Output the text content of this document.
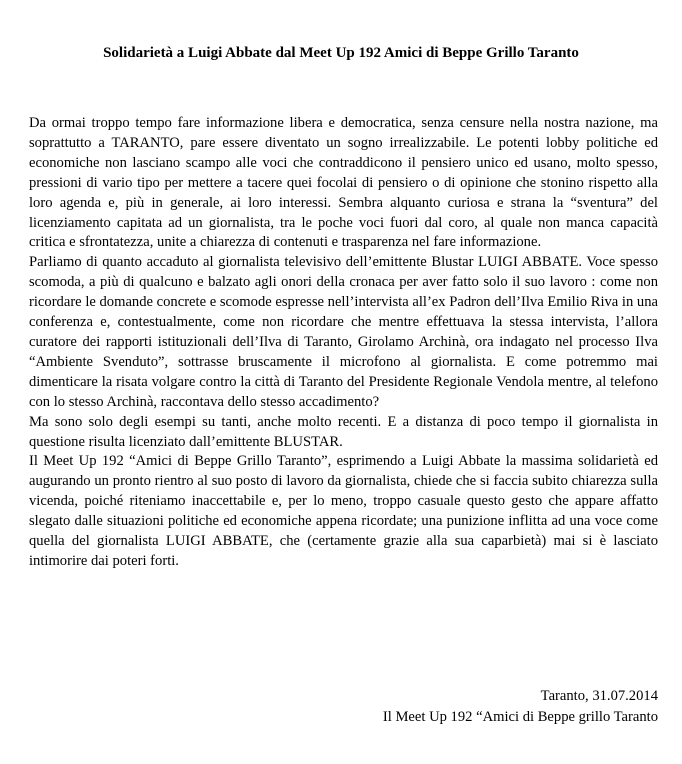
Solidarietà a Luigi Abbate dal Meet Up 192 Amici di Beppe Grillo Taranto

Da ormai troppo tempo fare informazione libera e democratica, senza censure nella nostra nazione, ma soprattutto a TARANTO, pare essere diventato un sogno irrealizzabile. Le potenti lobby politiche ed economiche non lasciano scampo alle voci che contraddicono il pensiero unico ed usano, molto spesso, pressioni di vario tipo per mettere a tacere quei focolai di pensiero o di opinione che stonino rispetto alla loro agenda e, più in generale, ai loro interessi. Sembra alquanto curiosa e strana la “sventura” del licenziamento capitata ad un giornalista, tra le poche voci fuori dal coro, al quale non manca capacità critica e sfrontatezza, unite a chiarezza di contenuti e trasparenza nel fare informazione.

Parliamo di quanto accaduto al giornalista televisivo dell’emittente Blustar LUIGI ABBATE. Voce spesso scomoda, a più di qualcuno e balzato agli onori della cronaca per aver fatto solo il suo lavoro : come non ricordare le domande concrete e scomode espresse nell’intervista all’ex Padron dell’Ilva Emilio Riva in una conferenza e, contestualmente, come non ricordare che mentre effettuava la stessa intervista, l’allora curatore dei rapporti istituzionali dell’Ilva di Taranto, Girolamo Archinà, ora indagato nel processo Ilva “Ambiente Svenduto”, sottrasse bruscamente il microfono al giornalista. E come potremmo mai dimenticare la risata volgare contro la città di Taranto del Presidente Regionale Vendola mentre, al telefono con lo stesso Archinà, raccontava dello stesso accadimento?

Ma sono solo degli esempi su tanti, anche molto recenti. E a distanza di poco tempo il giornalista in questione risulta licenziato dall’emittente BLUSTAR.

Il Meet Up 192 “Amici di Beppe Grillo Taranto”, esprimendo a Luigi Abbate la massima solidarietà ed augurando un pronto rientro al suo posto di lavoro da giornalista, chiede che si faccia subito chiarezza sulla vicenda, poiché riteniamo inaccettabile e, per lo meno, troppo casuale questo gesto che appare affatto slegato dalle situazioni politiche ed economiche appena ricordate; una punizione inflitta ad una voce come quella del giornalista LUIGI ABBATE, che (certamente grazie alla sua caparbietà) mai si è lasciato intimorire dai poteri forti.

Taranto, 31.07.2014
Il Meet Up 192 “Amici di Beppe grillo Taranto
